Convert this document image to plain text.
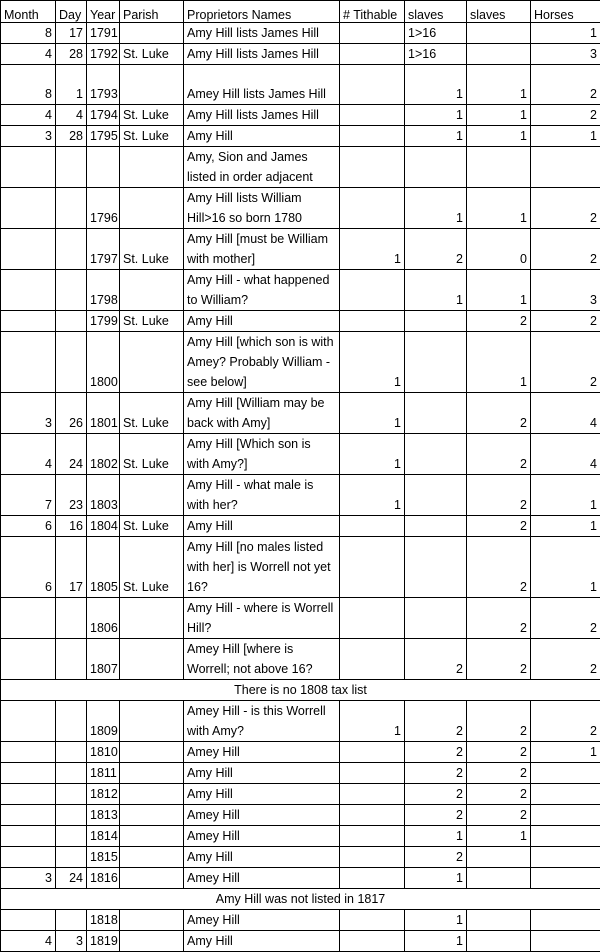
Month	Day	Year	Parish	Proprietors Names	# Tithable	slaves	slaves	Horses
8	17	1791		Amy Hill lists James Hill		1>16		1
4	28	1792	St. Luke	Amy Hill lists James Hill		1>16		3
8	1	1793		Amey Hill lists James Hill		1	1	2
4	4	1794	St. Luke	Amy Hill lists James Hill		1	1	2
3	28	1795	St. Luke	Amy Hill		1	1	1
				Amy, Sion and James listed in order adjacent				
		1796		Amy Hill lists William Hill>16 so born 1780		1	1	2
		1797	St. Luke	Amy Hill [must be William with mother]	1	2	0	2
		1798		Amy Hill - what happened to William?		1	1	3
		1799	St. Luke	Amy Hill			2	2
		1800		Amy Hill [which son is with Amey? Probably William - see below]	1		1	2
3	26	1801	St. Luke	Amy Hill [William may be back with Amy]	1		2	4
4	24	1802	St. Luke	Amy Hill [Which son is with Amy?]	1		2	4
7	23	1803		Amy Hill - what male is with her?	1		2	1
6	16	1804	St. Luke	Amy Hill			2	1
6	17	1805	St. Luke	Amy Hill [no males listed with her] is Worrell not yet 16?			2	1
		1806		Amy Hill - where is Worrell Hill?			2	2
		1807		Amey Hill [where is Worrell; not above 16?		2	2	2
There is no 1808 tax list								
		1809		Amey Hill - is this Worrell with Amy?	1	2	2	2
		1810		Amey Hill		2	2	1
		1811		Amy Hill		2	2	
		1812		Amy Hill		2	2	
		1813		Amey Hill		2	2	
		1814		Amey Hill		1	1	
		1815		Amy Hill		2		
3	24	1816		Amey Hill		1		
Amy Hill was not listed in 1817								
		1818		Amey Hill		1		
4	3	1819		Amy Hill		1		
